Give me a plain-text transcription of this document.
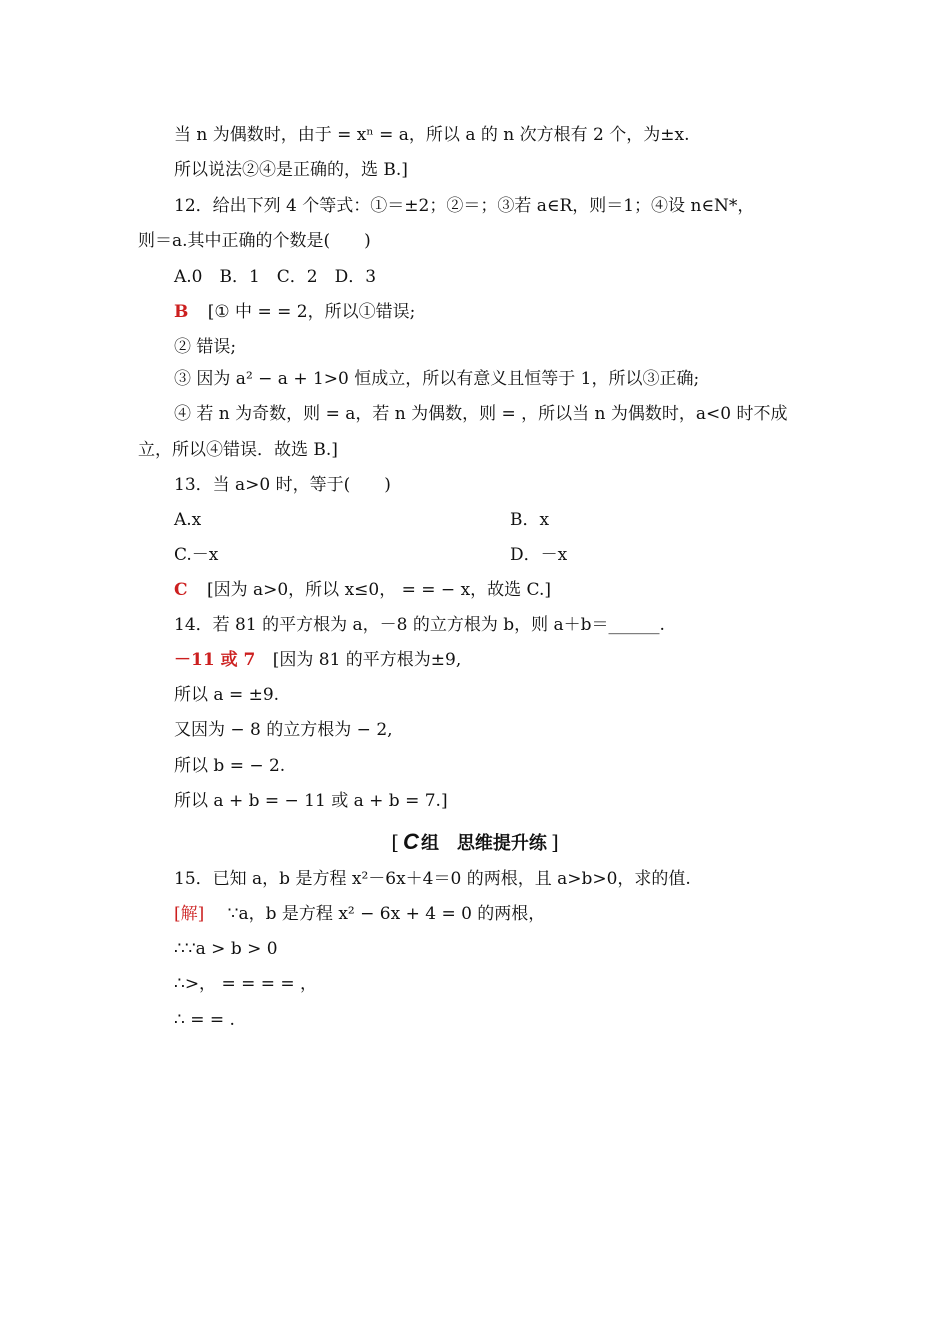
当 n 为偶数时，由于 = xⁿ = a，所以 a 的 n 次方根有 2 个，为±x.
所以说法②④是正确的，选 B.]
12．给出下列 4 个等式：①＝±2；②＝；③若 a∈R，则＝1；④设 n∈N*，
则＝a.其中正确的个数是(　　)
A.0　B．1　C．2　D．3
B [① 中 = = 2，所以①错误;
② 错误;
③ 因为 a² − a + 1>0 恒成立，所以有意义且恒等于 1，所以③正确;
④ 若 n 为奇数，则 = a，若 n 为偶数，则 = ，所以当 n 为偶数时，a<0 时不成
立，所以④错误．故选 B.]
13．当 a>0 时，等于(　　)
A.x	B．x
C.－x	D．－x
C [因为 a>0，所以 x≤0， = = − x，故选 C.]
14．若 81 的平方根为 a，－8 的立方根为 b，则 a＋b＝______.
－11 或 7 [因为 81 的平方根为±9,
所以 a = ±9.
又因为 − 8 的立方根为 − 2,
所以 b = − 2.
所以 a + b = − 11 或 a + b = 7.]
[ C 组　思维提升练 ]
15．已知 a，b 是方程 x²－6x＋4＝0 的两根，且 a>b>0，求的值.
[解] ∵a，b 是方程 x² − 6x + 4 = 0 的两根，
∴∵a > b > 0
∴>， = = = = ，
∴ = = .
